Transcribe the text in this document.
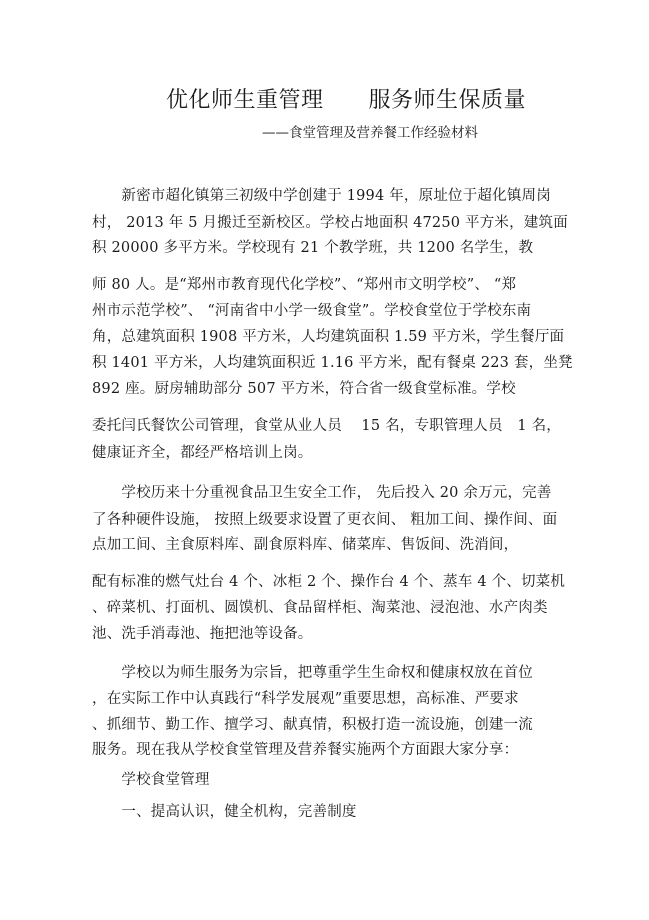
优化师生重管理　　服务师生保质量
——食堂管理及营养餐工作经验材料
　　新密市超化镇第三初级中学创建于 1994 年，原址位于超化镇周岗
村， 2013 年 5 月搬迁至新校区。学校占地面积 47250 平方米，建筑面
积 20000 多平方米。学校现有 21 个教学班，共 1200 名学生，教
师 80 人。是“郑州市教育现代化学校”、“郑州市文明学校”、 “郑
州市示范学校”、 “河南省中小学一级食堂”。学校食堂位于学校东南
角，总建筑面积 1908 平方米，人均建筑面积 1.59 平方米，学生餐厅面
积 1401 平方米，人均建筑面积近 1.16 平方米，配有餐桌 223 套，坐凳
892 座。厨房辅助部分 507 平方米，符合省一级食堂标准。学校
委托闫氏餐饮公司管理，食堂从业人员　 15 名，专职管理人员　1 名，
健康证齐全，都经严格培训上岗。
　　学校历来十分重视食品卫生安全工作， 先后投入 20 余万元，完善
了各种硬件设施， 按照上级要求设置了更衣间、 粗加工间、操作间、面
点加工间、主食原料库、副食原料库、储菜库、售饭间、洗消间，
配有标准的燃气灶台 4 个、冰柜 2 个、操作台 4 个、蒸车 4 个、切菜机
、碎菜机、打面机、圆馍机、食品留样柜、淘菜池、浸泡池、水产肉类
池、洗手消毒池、拖把池等设备。
　　学校以为师生服务为宗旨，把尊重学生生命权和健康权放在首位
，在实际工作中认真践行“科学发展观”重要思想，高标准、严要求
、抓细节、勤工作、擅学习、献真情，积极打造一流设施，创建一流
服务。现在我从学校食堂管理及营养餐实施两个方面跟大家分享：
　　学校食堂管理
　　一、提高认识，健全机构，完善制度
